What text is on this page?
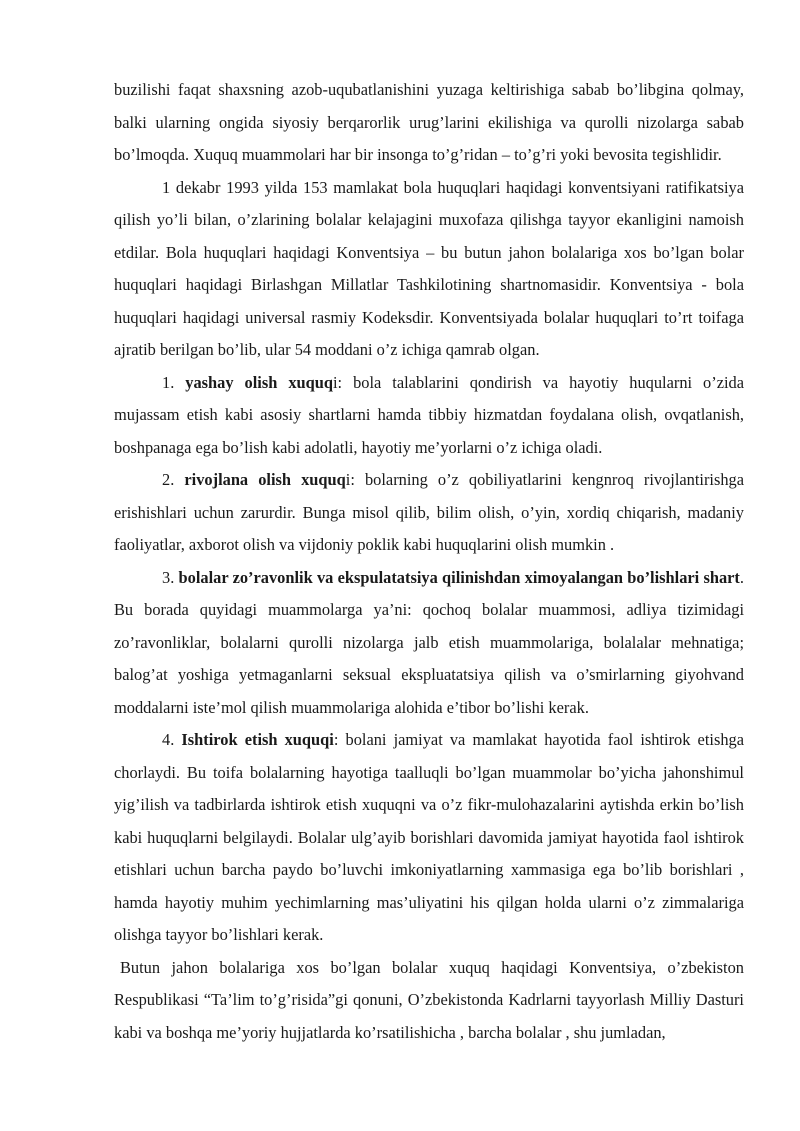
buzilishi faqat shaxsning azob-uqubatlanishini yuzaga keltirishiga sabab bo’libgina qolmay, balki ularning ongida siyosiy berqarorlik urug’larini ekilishiga va qurolli nizolarga sabab bo’lmoqda. Xuquq muammolari har bir insonga to’g’ridan – to’g’ri yoki bevosita tegishlidir.

1 dekabr 1993 yilda 153 mamlakat bola huquqlari haqidagi konventsiyani ratifikatsiya qilish yo’li bilan, o’zlarining bolalar kelajagini muxofaza qilishga tayyor ekanligini namoish etdilar. Bola huquqlari haqidagi Konventsiya – bu butun jahon bolalariga xos bo’lgan bolar huquqlari haqidagi Birlashgan Millatlar Tashkilotining shartnomasidir. Konventsiya - bola huquqlari haqidagi universal rasmiy Kodeksdir. Konventsiyada bolalar huquqlari to’rt toifaga ajratib berilgan bo’lib, ular 54 moddani o’z ichiga qamrab olgan.

1. yashay olish xuquqi: bola talablarini qondirish va hayotiy huqularni o’zida mujassam etish kabi asosiy shartlarni hamda tibbiy hizmatdan foydalana olish, ovqatlanish, boshpanaga ega bo’lish kabi adolatli, hayotiy me’yorlarni o’z ichiga oladi.

2. rivojlana olish xuquqi: bolarning o’z qobiliyatlarini kengnroq rivojlantirishga erishishlari uchun zarurdir. Bunga misol qilib, bilim olish, o’yin, xordiq chiqarish, madaniy faoliyatlar, axborot olish va vijdoniy poklik kabi huquqlarini olish mumkin .

3. bolalar zo’ravonlik va ekspulatatsiya qilinishdan ximoyalangan bo’lishlari shart. Bu borada quyidagi muammolarga ya’ni: qochoq bolalar muammosi, adliya tizimidagi zo’ravonliklar, bolalarni qurolli nizolarga jalb etish muammolariga, bolalalar mehnatiga; balog’at yoshiga yetmaganlarni seksual ekspluatatsiya qilish va o’smirlarning giyohvand moddalarni iste’mol qilish muammolariga alohida e’tibor bo’lishi kerak.

4. Ishtirok etish xuquqi: bolani jamiyat va mamlakat hayotida faol ishtirok etishga chorlaydi. Bu toifa bolalarning hayotiga taalluqli bo’lgan muammolar bo’yicha jahonshimul yig’ilish va tadbirlarda ishtirok etish xuquqni va o’z fikr-mulohazalarini aytishda erkin bo’lish kabi huquqlarni belgilaydi. Bolalar ulg’ayib borishlari davomida jamiyat hayotida faol ishtirok etishlari uchun barcha paydo bo’luvchi imkoniyatlarning xammasiga ega bo’lib borishlari , hamda hayotiy muhim yechimlarning mas’uliyatini his qilgan holda ularni o’z zimmalariga olishga tayyor bo’lishlari kerak.

Butun jahon bolalariga xos bo’lgan bolalar xuquq haqidagi Konventsiya, o’zbekiston Respublikasi “Ta’lim to’g’risida”gi qonuni, O’zbekistonda Kadrlarni tayyorlash Milliy Dasturi kabi va boshqa me’yoriy hujjatlarda ko’rsatilishicha , barcha bolalar , shu jumladan,
